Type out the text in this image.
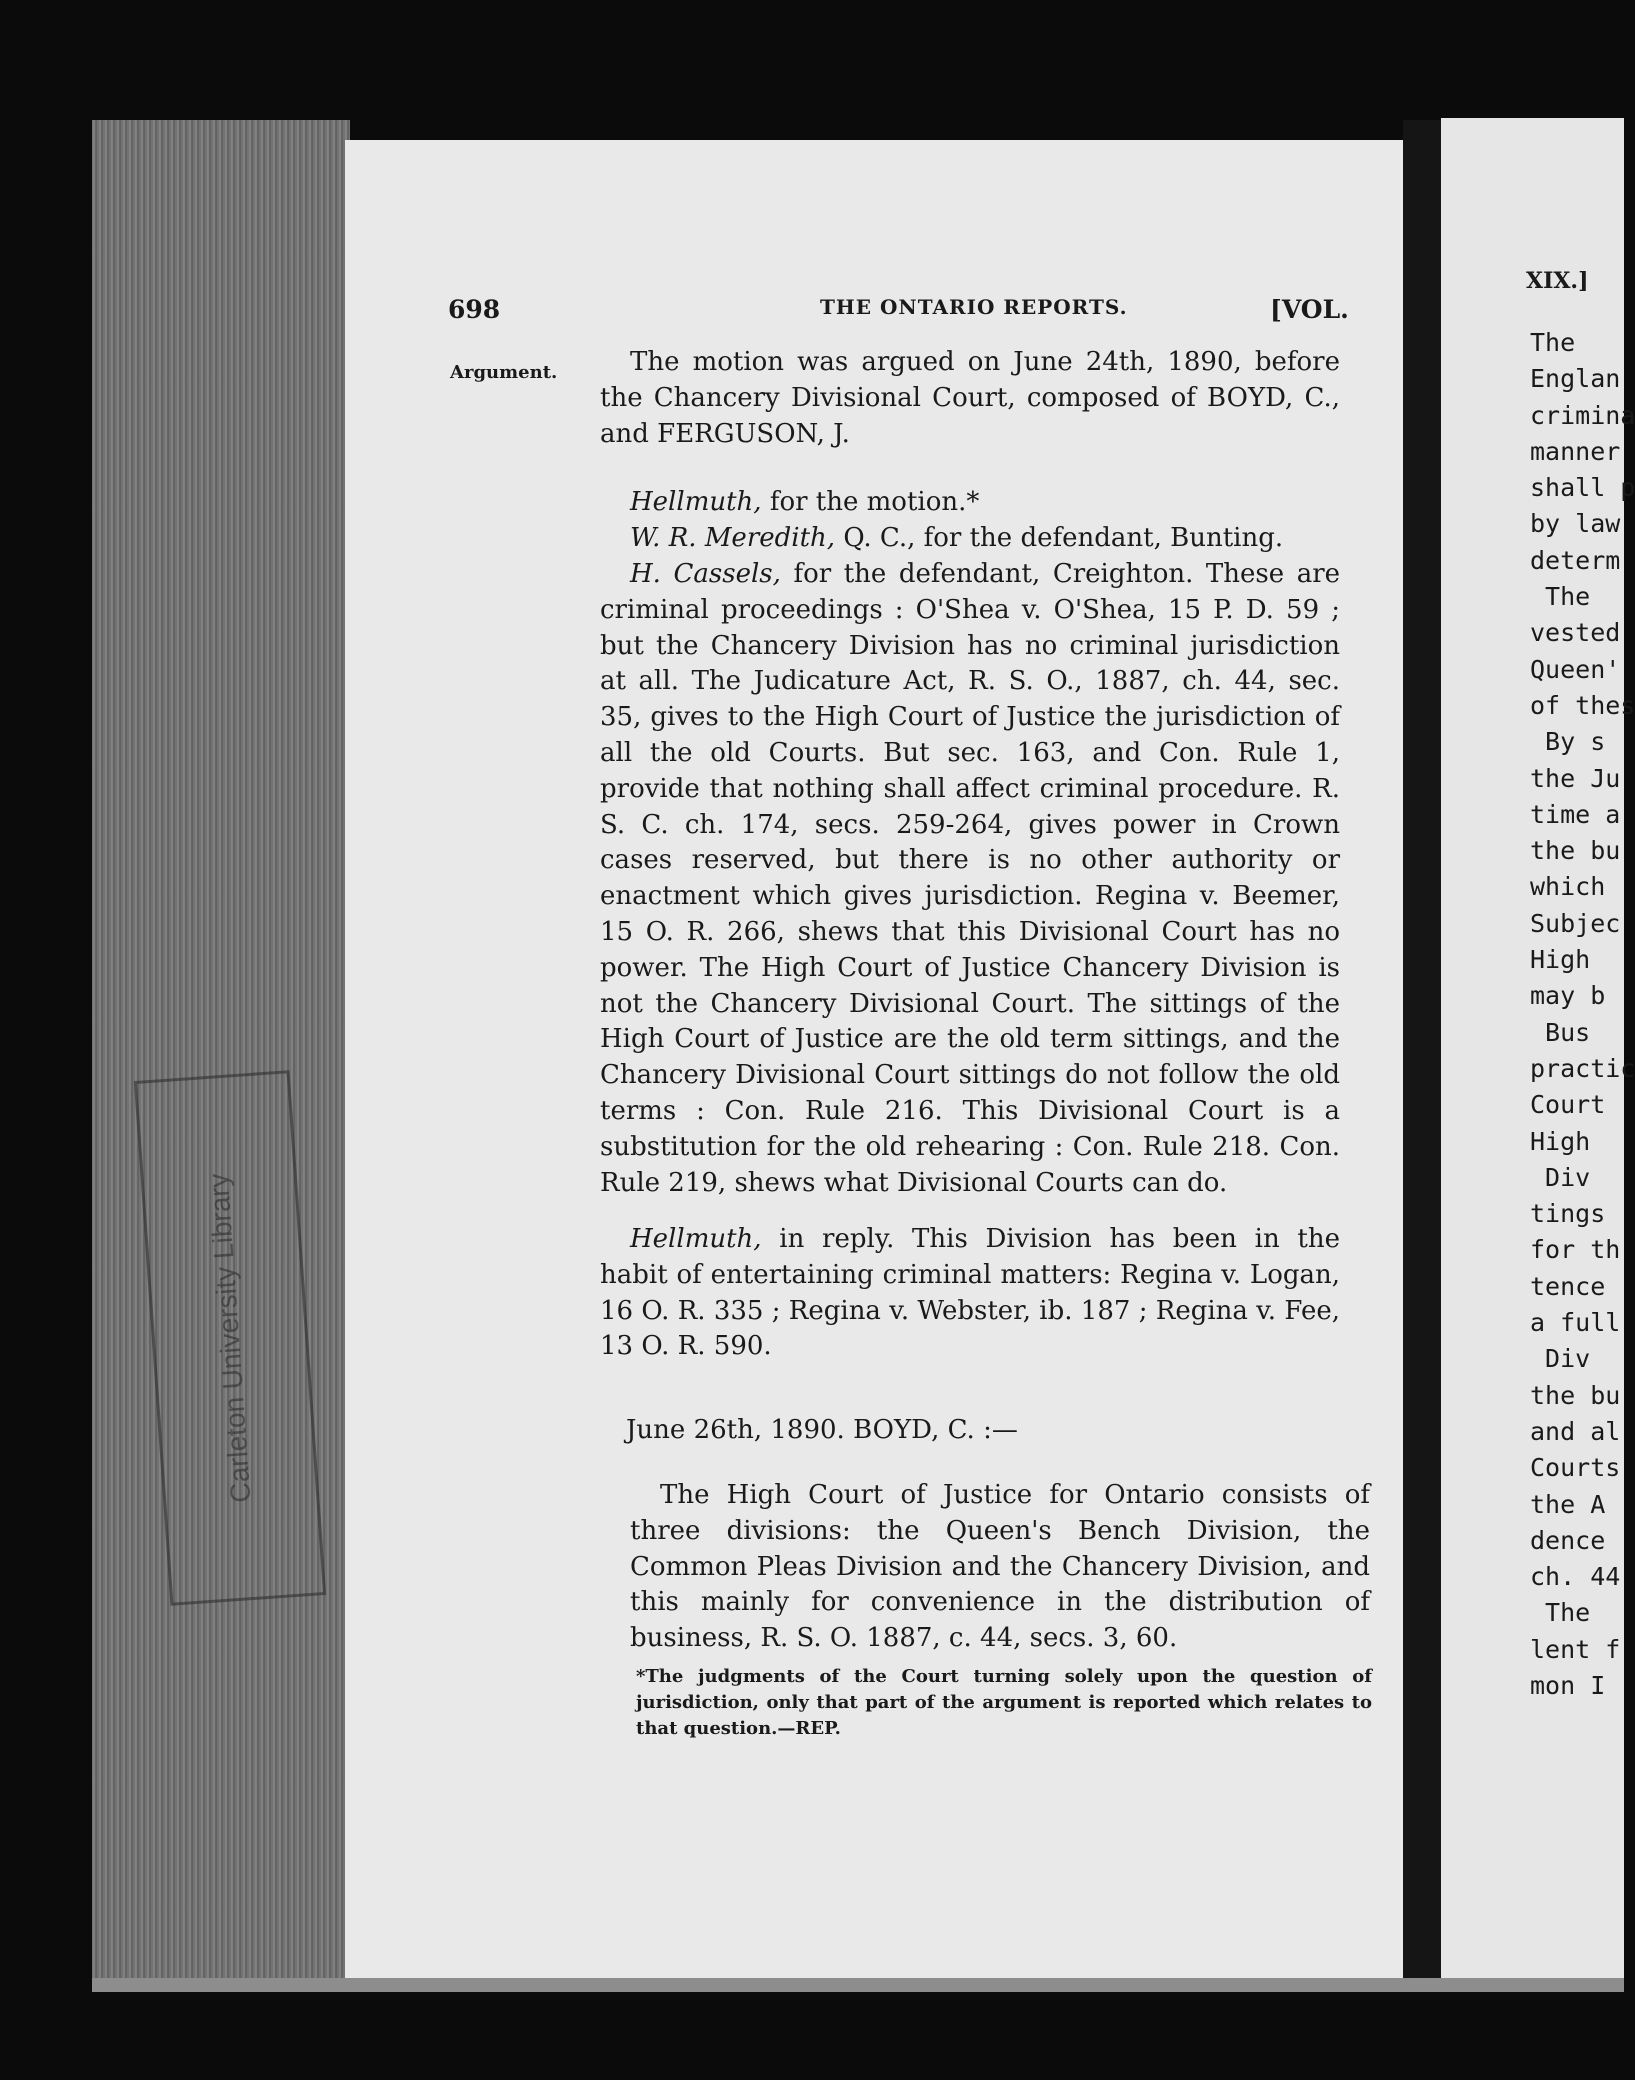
Carleton University Library
698	THE ONTARIO REPORTS.	[VOL.
Argument.	The motion was argued on June 24th, 1890, before the Chancery Divisional Court, composed of BOYD, C., and FERGUSON, J.

Hellmuth, for the motion.*

W. R. Meredith, Q. C., for the defendant, Bunting.

H. Cassels, for the defendant, Creighton. These are criminal proceedings : O'Shea v. O'Shea, 15 P. D. 59 ; but the Chancery Division has no criminal jurisdiction at all. The Judicature Act, R. S. O., 1887, ch. 44, sec. 35, gives to the High Court of Justice the jurisdiction of all the old Courts. But sec. 163, and Con. Rule 1, provide that nothing shall affect criminal procedure. R. S. C. ch. 174, secs. 259-264, gives power in Crown cases reserved, but there is no other authority or enactment which gives jurisdiction. Regina v. Beemer, 15 O. R. 266, shews that this Divisional Court has no power. The High Court of Justice Chancery Division is not the Chancery Divisional Court. The sittings of the High Court of Justice are the old term sittings, and the Chancery Divisional Court sittings do not follow the old terms : Con. Rule 216. This Divisional Court is a substitution for the old rehearing : Con. Rule 218. Con. Rule 219, shews what Divisional Courts can do.

Hellmuth, in reply. This Division has been in the habit of entertaining criminal matters: Regina v. Logan, 16 O. R. 335 ; Regina v. Webster, ib. 187 ; Regina v. Fee, 13 O. R. 590.

June 26th, 1890. BOYD, C. :—

The High Court of Justice for Ontario consists of three divisions: the Queen's Bench Division, the Common Pleas Division and the Chancery Division, and this mainly for convenience in the distribution of business, R. S. O. 1887, c. 44, secs. 3, 60.

*The judgments of the Court turning solely upon the question of jurisdiction, only that part of the argument is reported which relates to that question.—REP.
XIX.]
The
Englan
crimina
manner
shall p
by law
determ
The
vested
Queen'
of thes
By s
the Ju
time a
the bu
which
Subjec
High
may b
Bus
practic
Court
High
Div
tings
for th
tence
a full
Div
the bu
and al
Courts
the A
dence
ch. 44
The
lent f
mon I
